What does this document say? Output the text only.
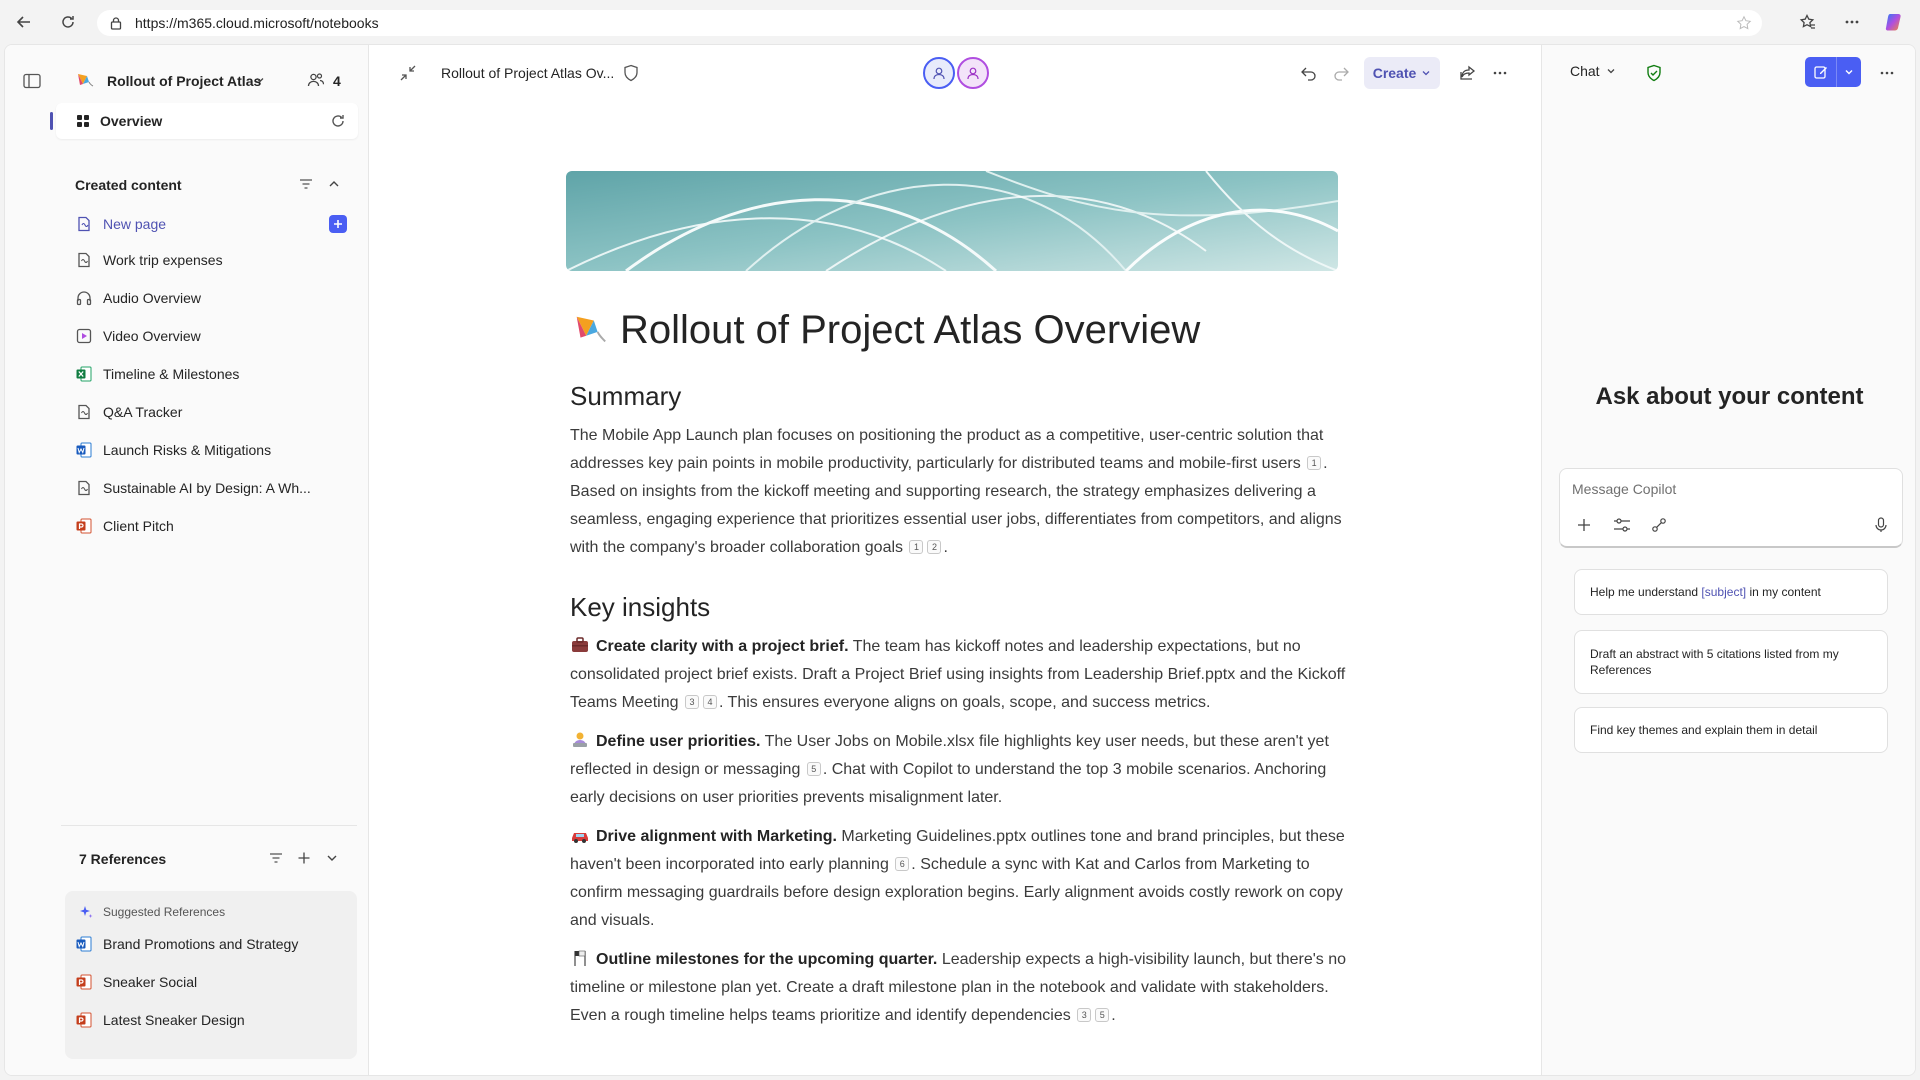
https://m365.cloud.microsoft/notebooks
Rollout of Project Atlas	4
Overview
Created content
New page
Work trip expenses
Audio Overview
Video Overview
Timeline & Milestones
Q&A Tracker
Launch Risks & Mitigations
Sustainable AI by Design: A Wh...
Client Pitch
7 References
Suggested References
Brand Promotions and Strategy
Sneaker Social
Latest Sneaker Design
Rollout of Project Atlas Ov...	Create
Rollout of Project Atlas Overview
Summary

The Mobile App Launch plan focuses on positioning the product as a competitive, user-centric solution that addresses key pain points in mobile productivity, particularly for distributed teams and mobile-first users 1 . Based on insights from the kickoff meeting and supporting research, the strategy emphasizes delivering a seamless, engaging experience that prioritizes essential user jobs, differentiates from competitors, and aligns with the company's broader collaboration goals 1 2 .

Key insights

Create clarity with a project brief. The team has kickoff notes and leadership expectations, but no consolidated project brief exists. Draft a Project Brief using insights from Leadership Brief.pptx and the Kickoff Teams Meeting 3 4 . This ensures everyone aligns on goals, scope, and success metrics.

Define user priorities. The User Jobs on Mobile.xlsx file highlights key user needs, but these aren't yet reflected in design or messaging 5 . Chat with Copilot to understand the top 3 mobile scenarios. Anchoring early decisions on user priorities prevents misalignment later.

Drive alignment with Marketing. Marketing Guidelines.pptx outlines tone and brand principles, but these haven't been incorporated into early planning 6 . Schedule a sync with Kat and Carlos from Marketing to confirm messaging guardrails before design exploration begins. Early alignment avoids costly rework on copy and visuals.

Outline milestones for the upcoming quarter. Leadership expects a high-visibility launch, but there's no timeline or milestone plan yet. Create a draft milestone plan in the notebook and validate with stakeholders. Even a rough timeline helps teams prioritize and identify dependencies 3 5 .

Chat
Ask about your content
Message Copilot
Help me understand [subject] in my content
Draft an abstract with 5 citations listed from my References
Find key themes and explain them in detail
